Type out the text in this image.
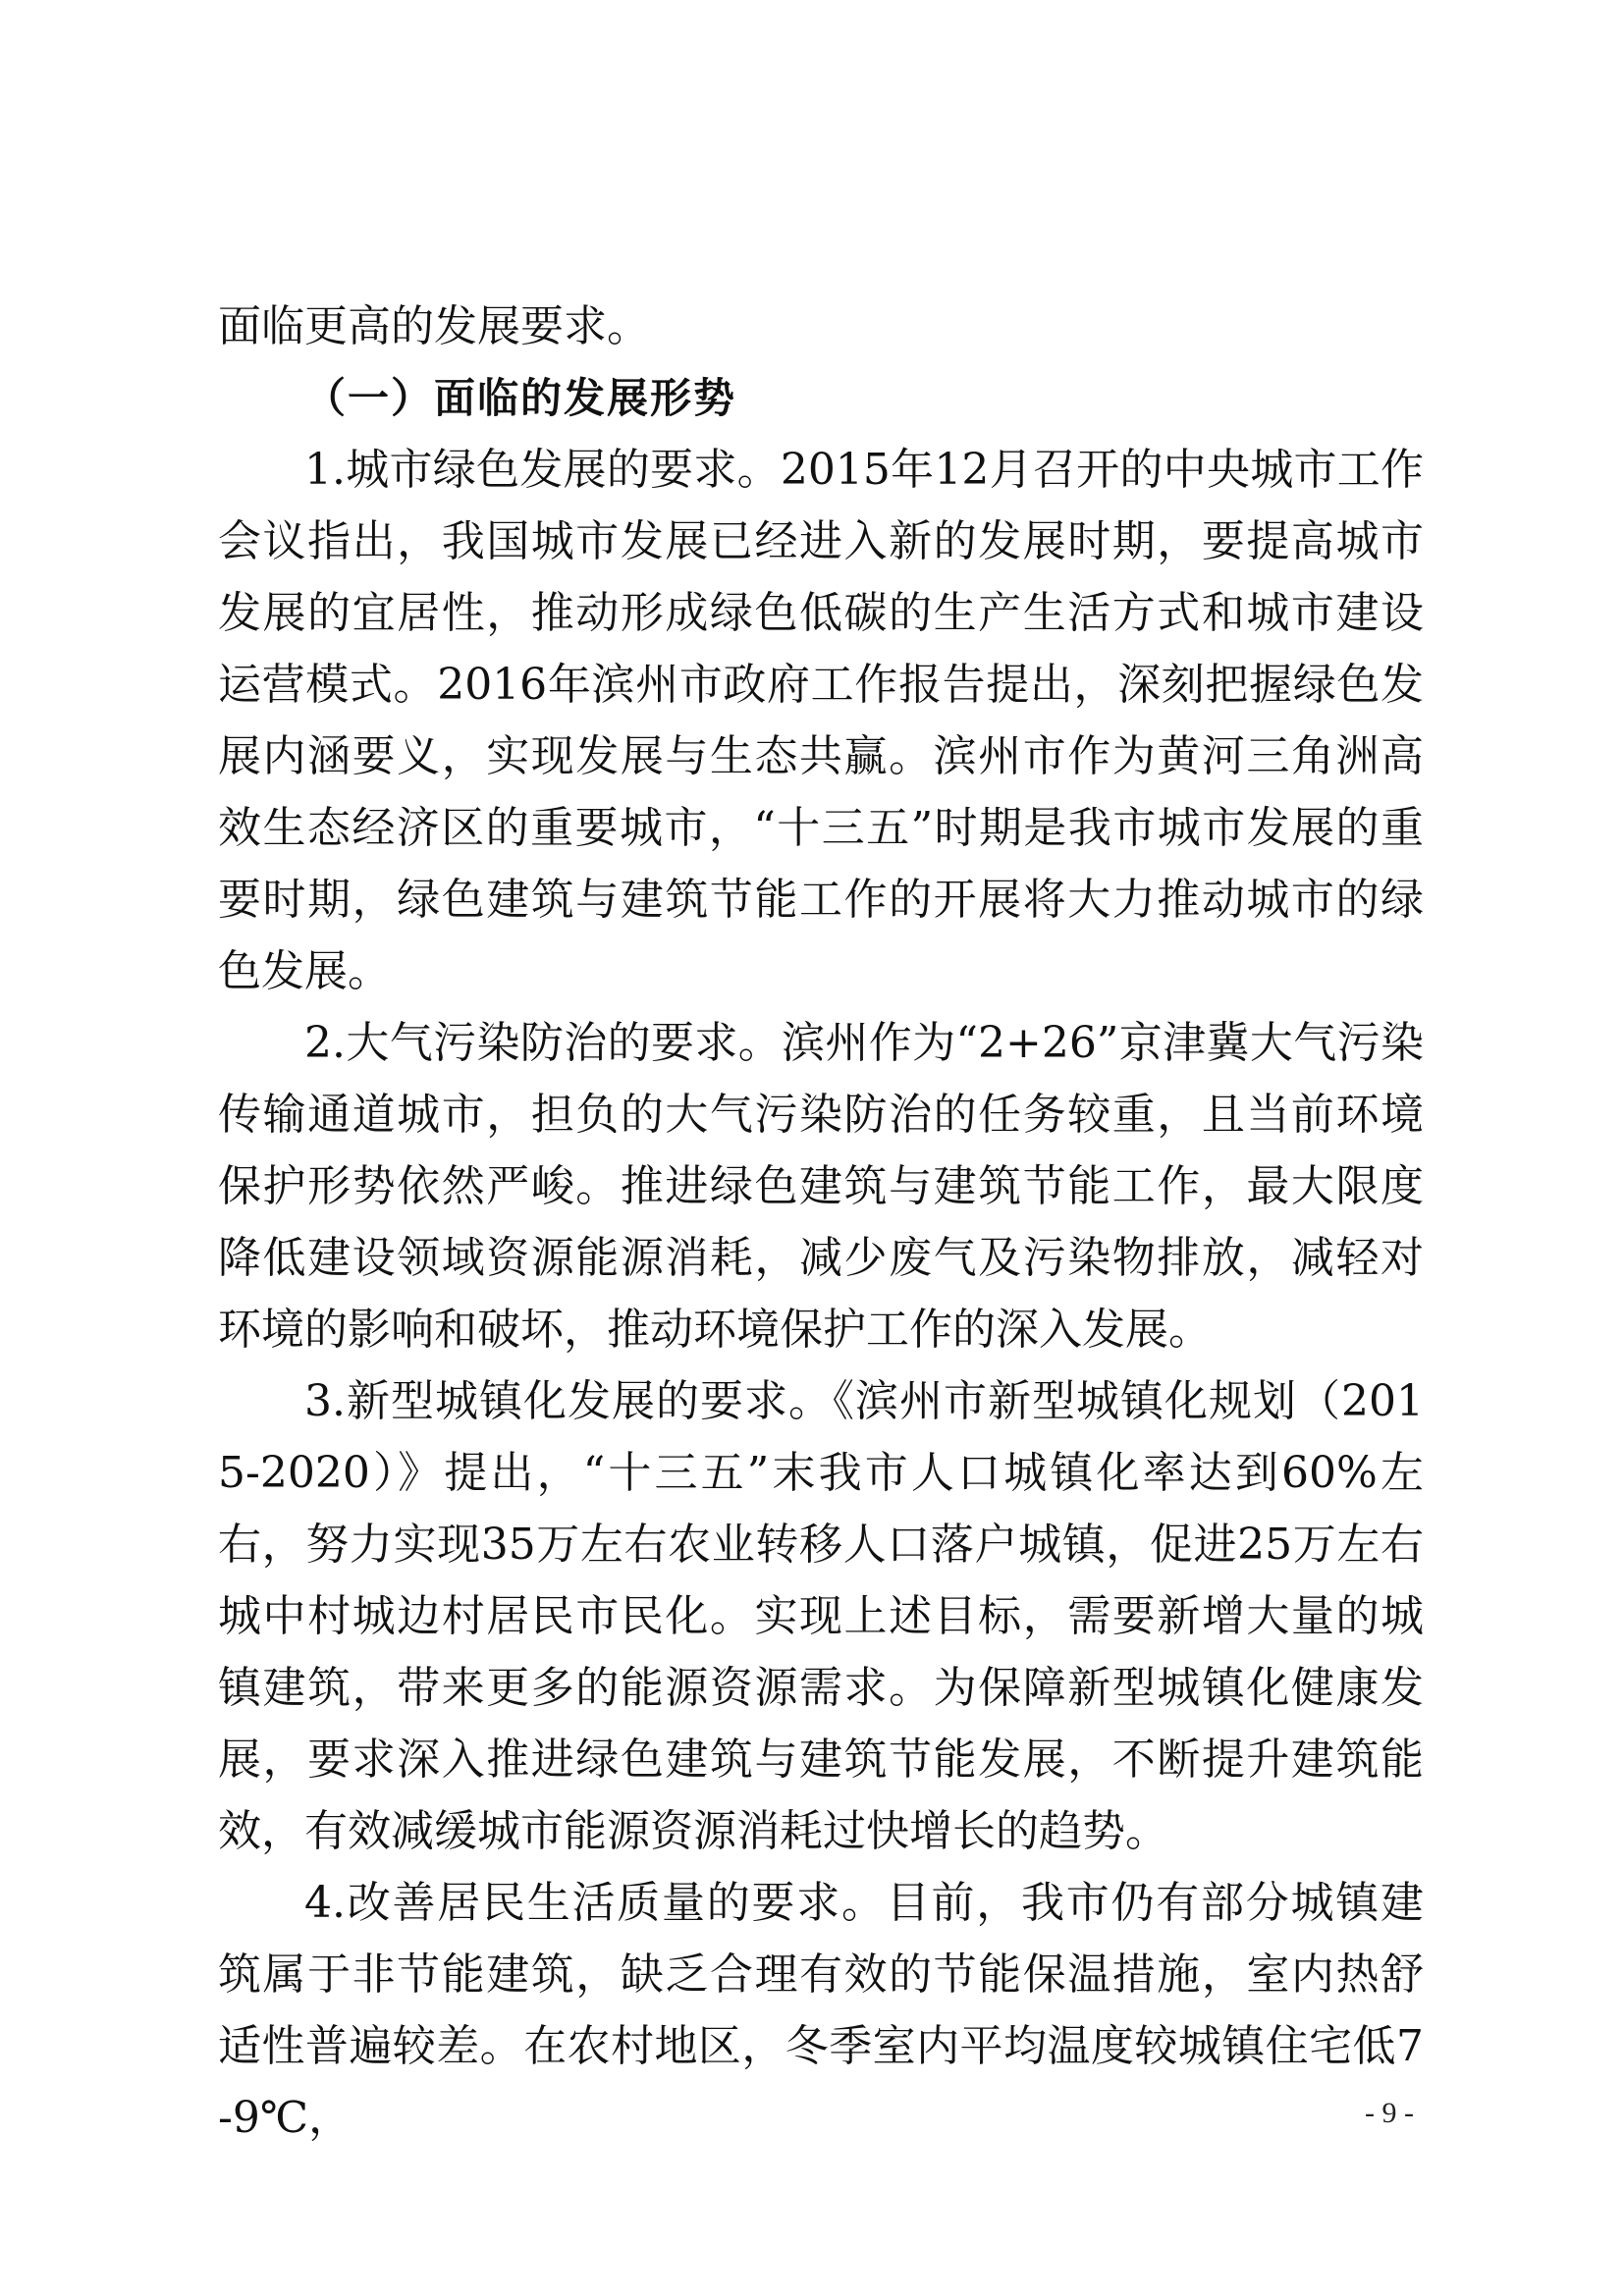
面临更高的发展要求。

（一）面临的发展形势

1.城市绿色发展的要求。2015年12月召开的中央城市工作会议指出，我国城市发展已经进入新的发展时期，要提高城市发展的宜居性，推动形成绿色低碳的生产生活方式和城市建设运营模式。2016年滨州市政府工作报告提出，深刻把握绿色发展内涵要义，实现发展与生态共赢。滨州市作为黄河三角洲高效生态经济区的重要城市，“十三五”时期是我市城市发展的重要时期，绿色建筑与建筑节能工作的开展将大力推动城市的绿色发展。

2.大气污染防治的要求。滨州作为“2+26”京津冀大气污染传输通道城市，担负的大气污染防治的任务较重，且当前环境保护形势依然严峻。推进绿色建筑与建筑节能工作，最大限度降低建设领域资源能源消耗，减少废气及污染物排放，减轻对环境的影响和破坏，推动环境保护工作的深入发展。

3.新型城镇化发展的要求。《滨州市新型城镇化规划（2015-2020）》提出，“十三五”末我市人口城镇化率达到60%左右，努力实现35万左右农业转移人口落户城镇，促进25万左右城中村城边村居民市民化。实现上述目标，需要新增大量的城镇建筑，带来更多的能源资源需求。为保障新型城镇化健康发展，要求深入推进绿色建筑与建筑节能发展，不断提升建筑能效，有效减缓城市能源资源消耗过快增长的趋势。

4.改善居民生活质量的要求。目前，我市仍有部分城镇建筑属于非节能建筑，缺乏合理有效的节能保温措施，室内热舒适性普遍较差。在农村地区，冬季室内平均温度较城镇住宅低7-9℃，	- 9 -
